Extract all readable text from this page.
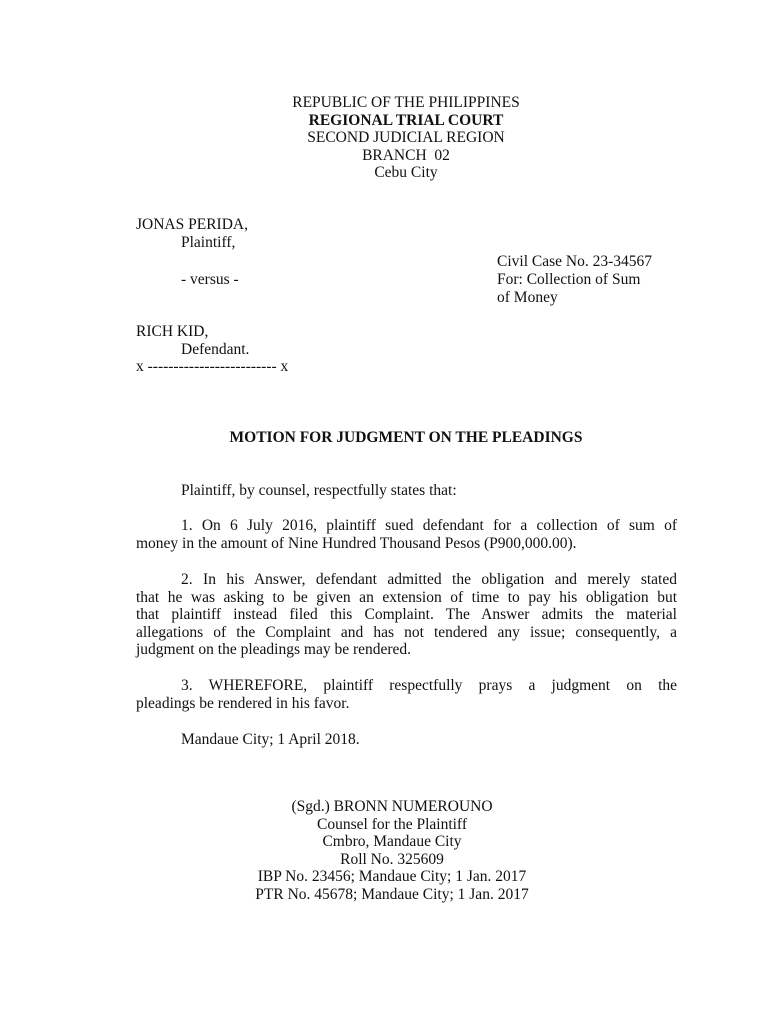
REPUBLIC OF THE PHILIPPINES
REGIONAL TRIAL COURT
SECOND JUDICIAL REGION
BRANCH  02
Cebu City
JONAS PERIDA,
Plaintiff,
- versus -
RICH KID,
Defendant.
x ------------------------- x
Civil Case No. 23-34567
For: Collection of Sum
of Money
MOTION FOR JUDGMENT ON THE PLEADINGS
Plaintiff, by counsel, respectfully states that:
1. On 6 July 2016, plaintiff sued defendant for a collection of sum of
money in the amount of Nine Hundred Thousand Pesos (P900,000.00).
2. In his Answer, defendant admitted the obligation and merely stated
that he was asking to be given an extension of time to pay his obligation but
that plaintiff instead filed this Complaint. The Answer admits the material
allegations of the Complaint and has not tendered any issue; consequently, a
judgment on the pleadings may be rendered.
3. WHEREFORE, plaintiff respectfully prays a judgment on the
pleadings be rendered in his favor.
Mandaue City; 1 April 2018.
(Sgd.) BRONN NUMEROUNO
Counsel for the Plaintiff
Cmbro, Mandaue City
Roll No. 325609
IBP No. 23456; Mandaue City; 1 Jan. 2017
PTR No. 45678; Mandaue City; 1 Jan. 2017
